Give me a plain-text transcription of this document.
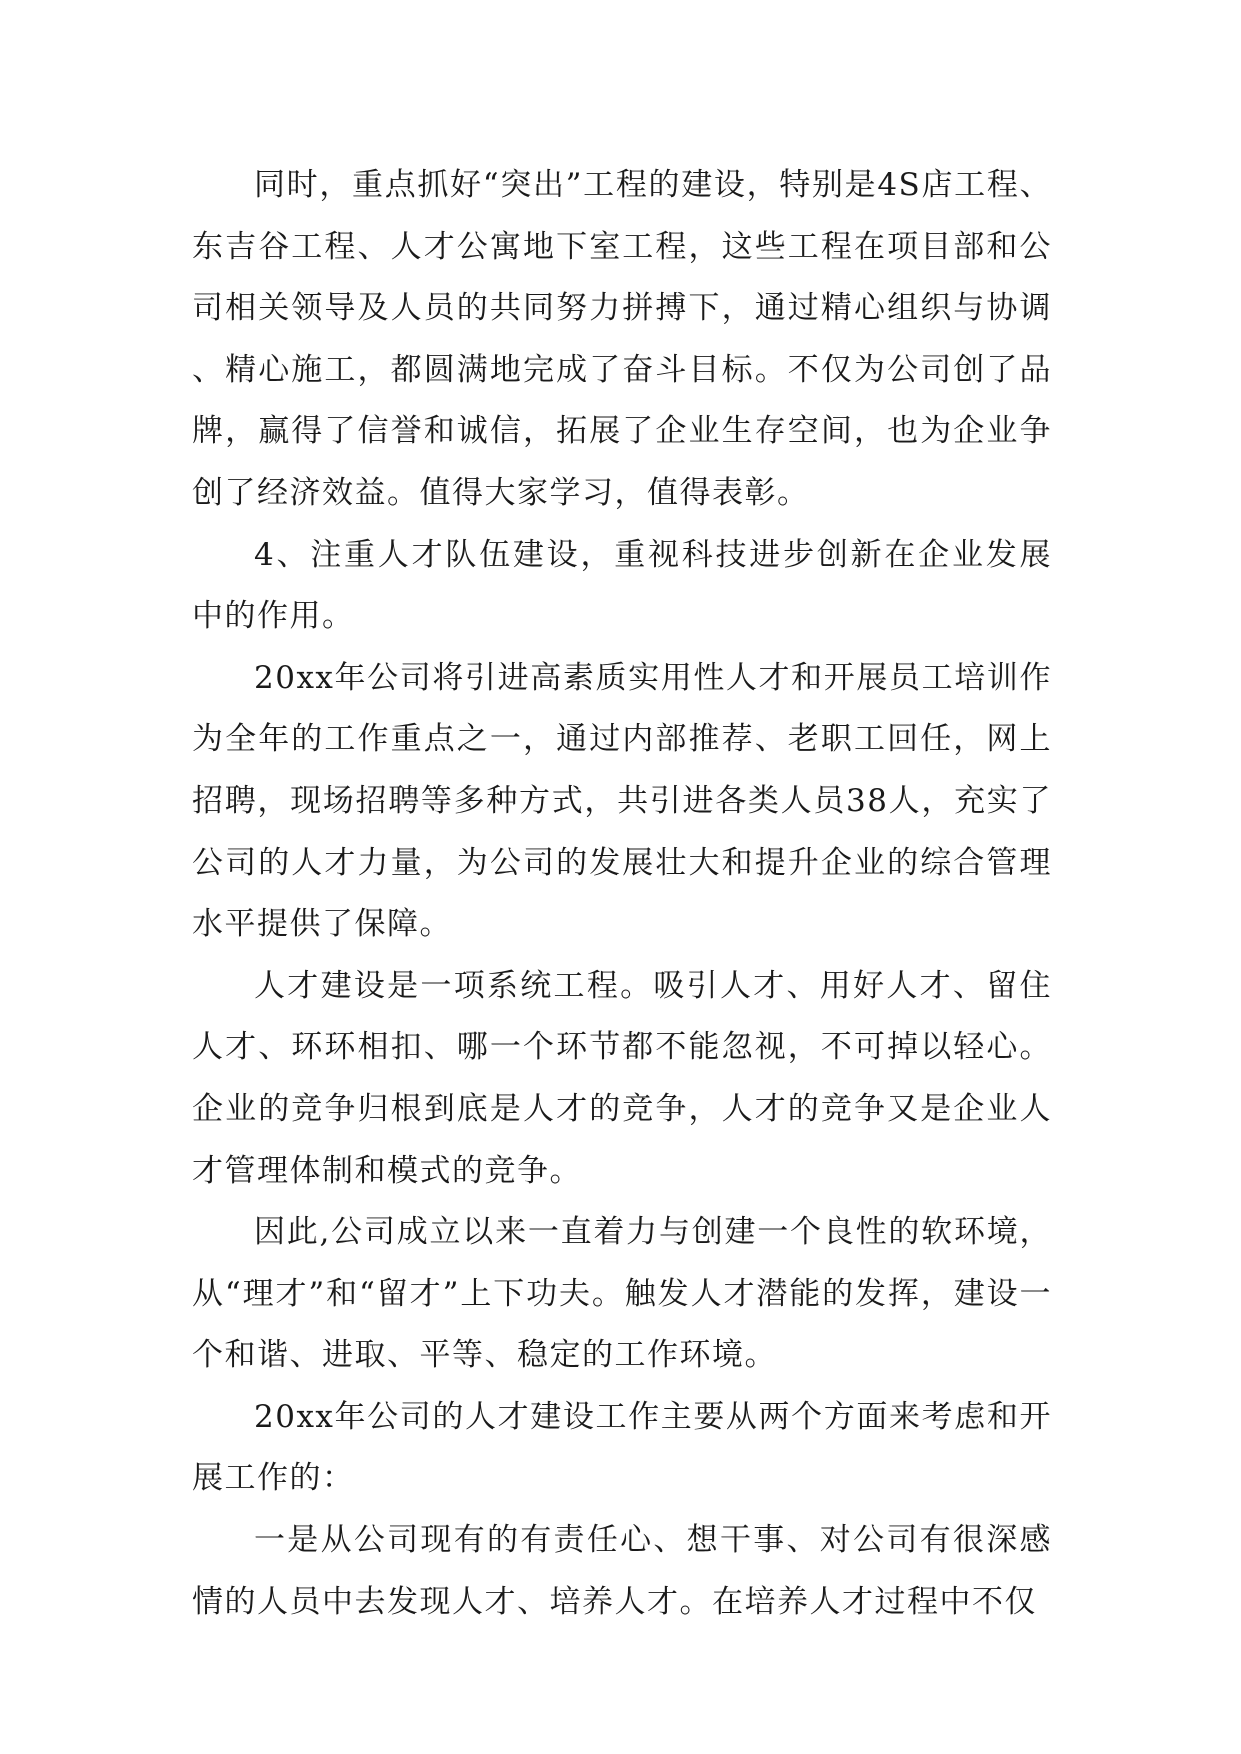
同时，重点抓好“突出”工程的建设，特别是4S店工程、东吉谷工程、人才公寓地下室工程，这些工程在项目部和公司相关领导及人员的共同努力拼搏下，通过精心组织与协调、精心施工，都圆满地完成了奋斗目标。不仅为公司创了品牌，赢得了信誉和诚信，拓展了企业生存空间，也为企业争创了经济效益。值得大家学习，值得表彰。

4、注重人才队伍建设，重视科技进步创新在企业发展中的作用。

20xx年公司将引进高素质实用性人才和开展员工培训作为全年的工作重点之一，通过内部推荐、老职工回任，网上招聘，现场招聘等多种方式，共引进各类人员38人，充实了公司的人才力量，为公司的发展壮大和提升企业的综合管理水平提供了保障。

人才建设是一项系统工程。吸引人才、用好人才、留住人才、环环相扣、哪一个环节都不能忽视，不可掉以轻心。企业的竞争归根到底是人才的竞争，人才的竞争又是企业人才管理体制和模式的竞争。

因此,公司成立以来一直着力与创建一个良性的软环境，从“理才”和“留才”上下功夫。触发人才潜能的发挥，建设一个和谐、进取、平等、稳定的工作环境。

20xx年公司的人才建设工作主要从两个方面来考虑和开展工作的：

一是从公司现有的有责任心、想干事、对公司有很深感情的人员中去发现人才、培养人才。在培养人才过程中不仅
